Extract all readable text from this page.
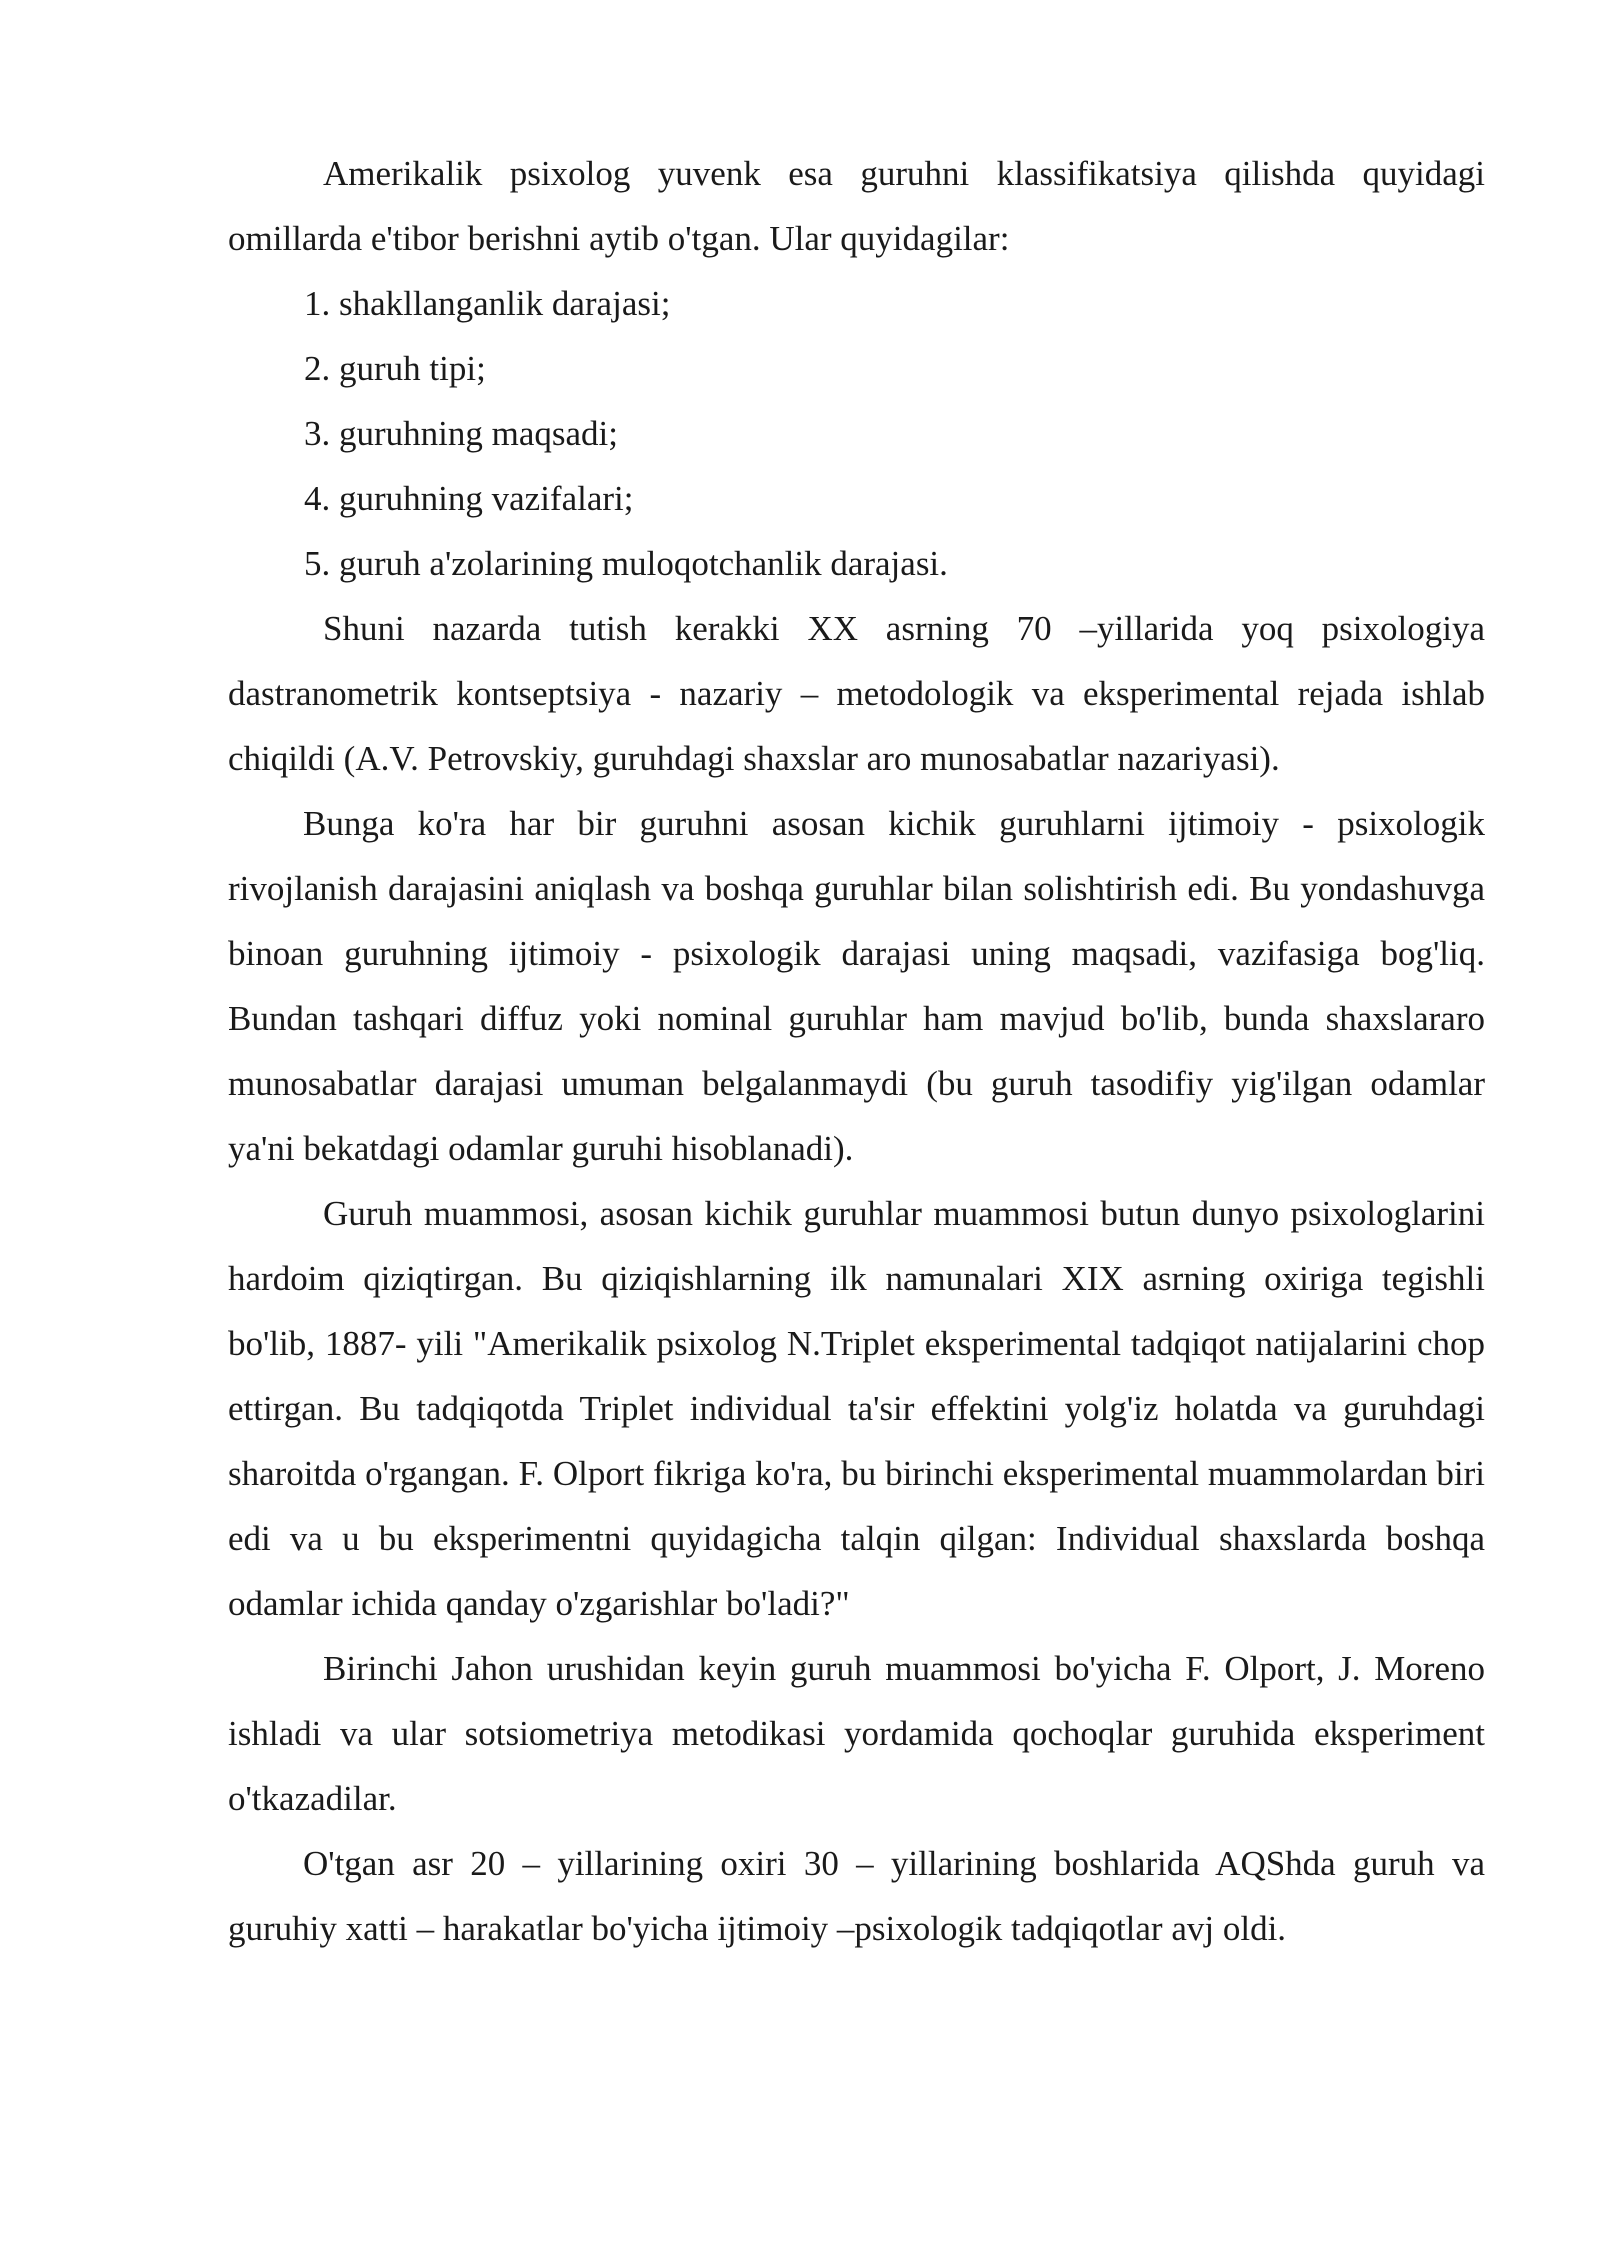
Amerikalik psixolog yuvenk esa guruhni klassifikatsiya qilishda quyidagi omillarda e'tibor berishni aytib o'tgan. Ular quyidagilar:

1. shakllanganlik darajasi;
2. guruh tipi;
3. guruhning maqsadi;
4. guruhning vazifalari;
5. guruh a'zolarining muloqotchanlik darajasi.

Shuni nazarda tutish kerakki XX asrning 70 –yillarida yoq psixologiya dastranometrik kontseptsiya - nazariy – metodologik va eksperimental rejada ishlab chiqildi (A.V. Petrovskiy, guruhdagi shaxslar aro munosabatlar nazariyasi).

Bunga ko'ra har bir guruhni asosan kichik guruhlarni ijtimoiy - psixologik rivojlanish darajasini aniqlash va boshqa guruhlar bilan solishtirish edi. Bu yondashuvga binoan guruhning ijtimoiy - psixologik darajasi uning maqsadi, vazifasiga bog'liq. Bundan tashqari diffuz yoki nominal guruhlar ham mavjud bo'lib, bunda shaxslararo munosabatlar darajasi umuman belgalanmaydi (bu guruh tasodifiy yig'ilgan odamlar ya'ni bekatdagi odamlar guruhi hisoblanadi).

Guruh muammosi, asosan kichik guruhlar muammosi butun dunyo psixologlarini hardoim qiziqtirgan. Bu qiziqishlarning ilk namunalari XIX asrning oxiriga tegishli bo'lib, 1887- yili "Amerikalik psixolog N.Triplet eksperimental tadqiqot natijalarini chop ettirgan. Bu tadqiqotda Triplet individual ta'sir effektini yolg'iz holatda va guruhdagi sharoitda o'rgangan. F. Olport fikriga ko'ra, bu birinchi eksperimental muammolardan biri edi va u bu eksperimentni quyidagicha talqin qilgan: Individual shaxslarda boshqa odamlar ichida qanday o'zgarishlar bo'ladi?"

Birinchi Jahon urushidan keyin guruh muammosi bo'yicha F. Olport, J. Moreno ishladi va ular sotsiometriya metodikasi yordamida qochoqlar guruhida eksperiment o'tkazadilar.

O'tgan asr 20 – yillarining oxiri 30 – yillarining boshlarida AQShda guruh va guruhiy xatti – harakatlar bo'yicha ijtimoiy –psixologik tadqiqotlar avj oldi.
